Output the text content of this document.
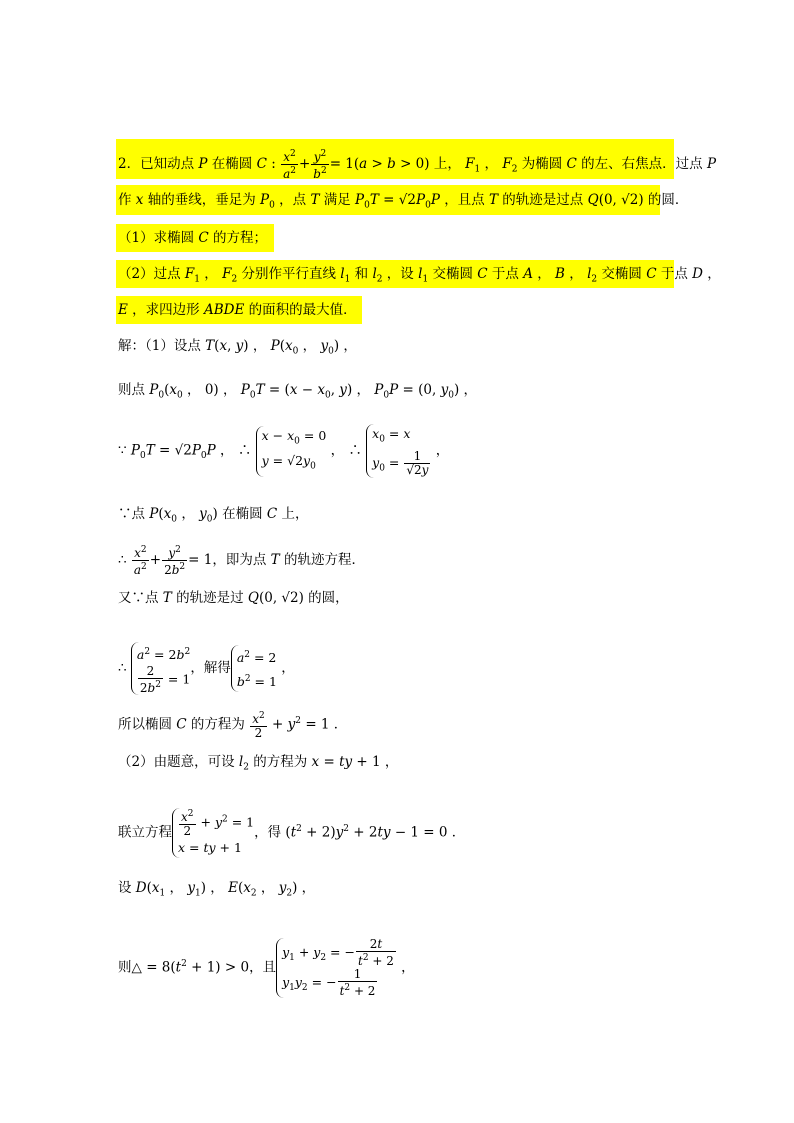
2．已知动点 P 在椭圆 C : $\frac{x^2}{a^2} + \frac{y^2}{b^2} = 1(a > b > 0)$ 上， $F_1$ ， $F_2$ 为椭圆 C 的左、右焦点．过点 P
作 x 轴的垂线，垂足为 $P_0$ ，点 T 满足 $P_0T = √2P_0P$ ，且点 T 的轨迹是过点 Q(0, √2) 的圆．
（1）求椭圆 C 的方程；
（2）过点 $F_1$ ， $F_2$ 分别作平行直线 $l_1$ 和 $l_2$ ，设 $l_1$ 交椭圆 C 于点 A ， B ， $l_2$ 交椭圆 C 于点 D ，
E ，求四边形 ABDE 的面积的最大值．
解：（1）设点 T(x, y) ， $P(x_0$ ， $y_0$) ，
则点 $P_0(x_0$ ， 0) ， $P_0T = (x - x_0$, y) ， $P_0P = (0$, $y_0$) ，
∵ $P_0T = √2P_0P$ ， ∴
$x - x_0 = 0$
$y = √2y_0$
， ∴
$x_0 = x$
$y_0 = \frac{1}{√2y}$ ，
∵点 $P(x_0$ ， $y_0$) 在椭圆 C 上，
∴ $\frac{x^2}{a^2} + \frac{y^2}{2b^2} = 1$，即为点 T 的轨迹方程．
又∵点 T 的轨迹是过 Q(0, √2) 的圆，
∴
$a^2 = 2b^2$
$\frac{2}{2b^2} = 1$
，解得
$a^2 = 2$
$b^2 = 1$
，
所以椭圆 C 的方程为 $\frac{x^2}{2} + y^2 = 1$ ．
（2）由题意，可设 $l_2$ 的方程为 x = ty + 1 ，
联立方程 $\frac{x^2}{2} + y^2 = 1$
x = ty + 1
，得 $(t^2 + 2)y^2 + 2ty - 1 = 0$ ．
设 $D(x_1$ ， $y_1$) ， $E(x_2$ ， $y_2$) ，
则△ = $8(t^2 + 1) > 0$，且
$y_1 + y_2$ = − $\frac{2t}{t^2 + 2}$
$y_1y_2$ = − $\frac{1}{t^2 + 2}$
，
